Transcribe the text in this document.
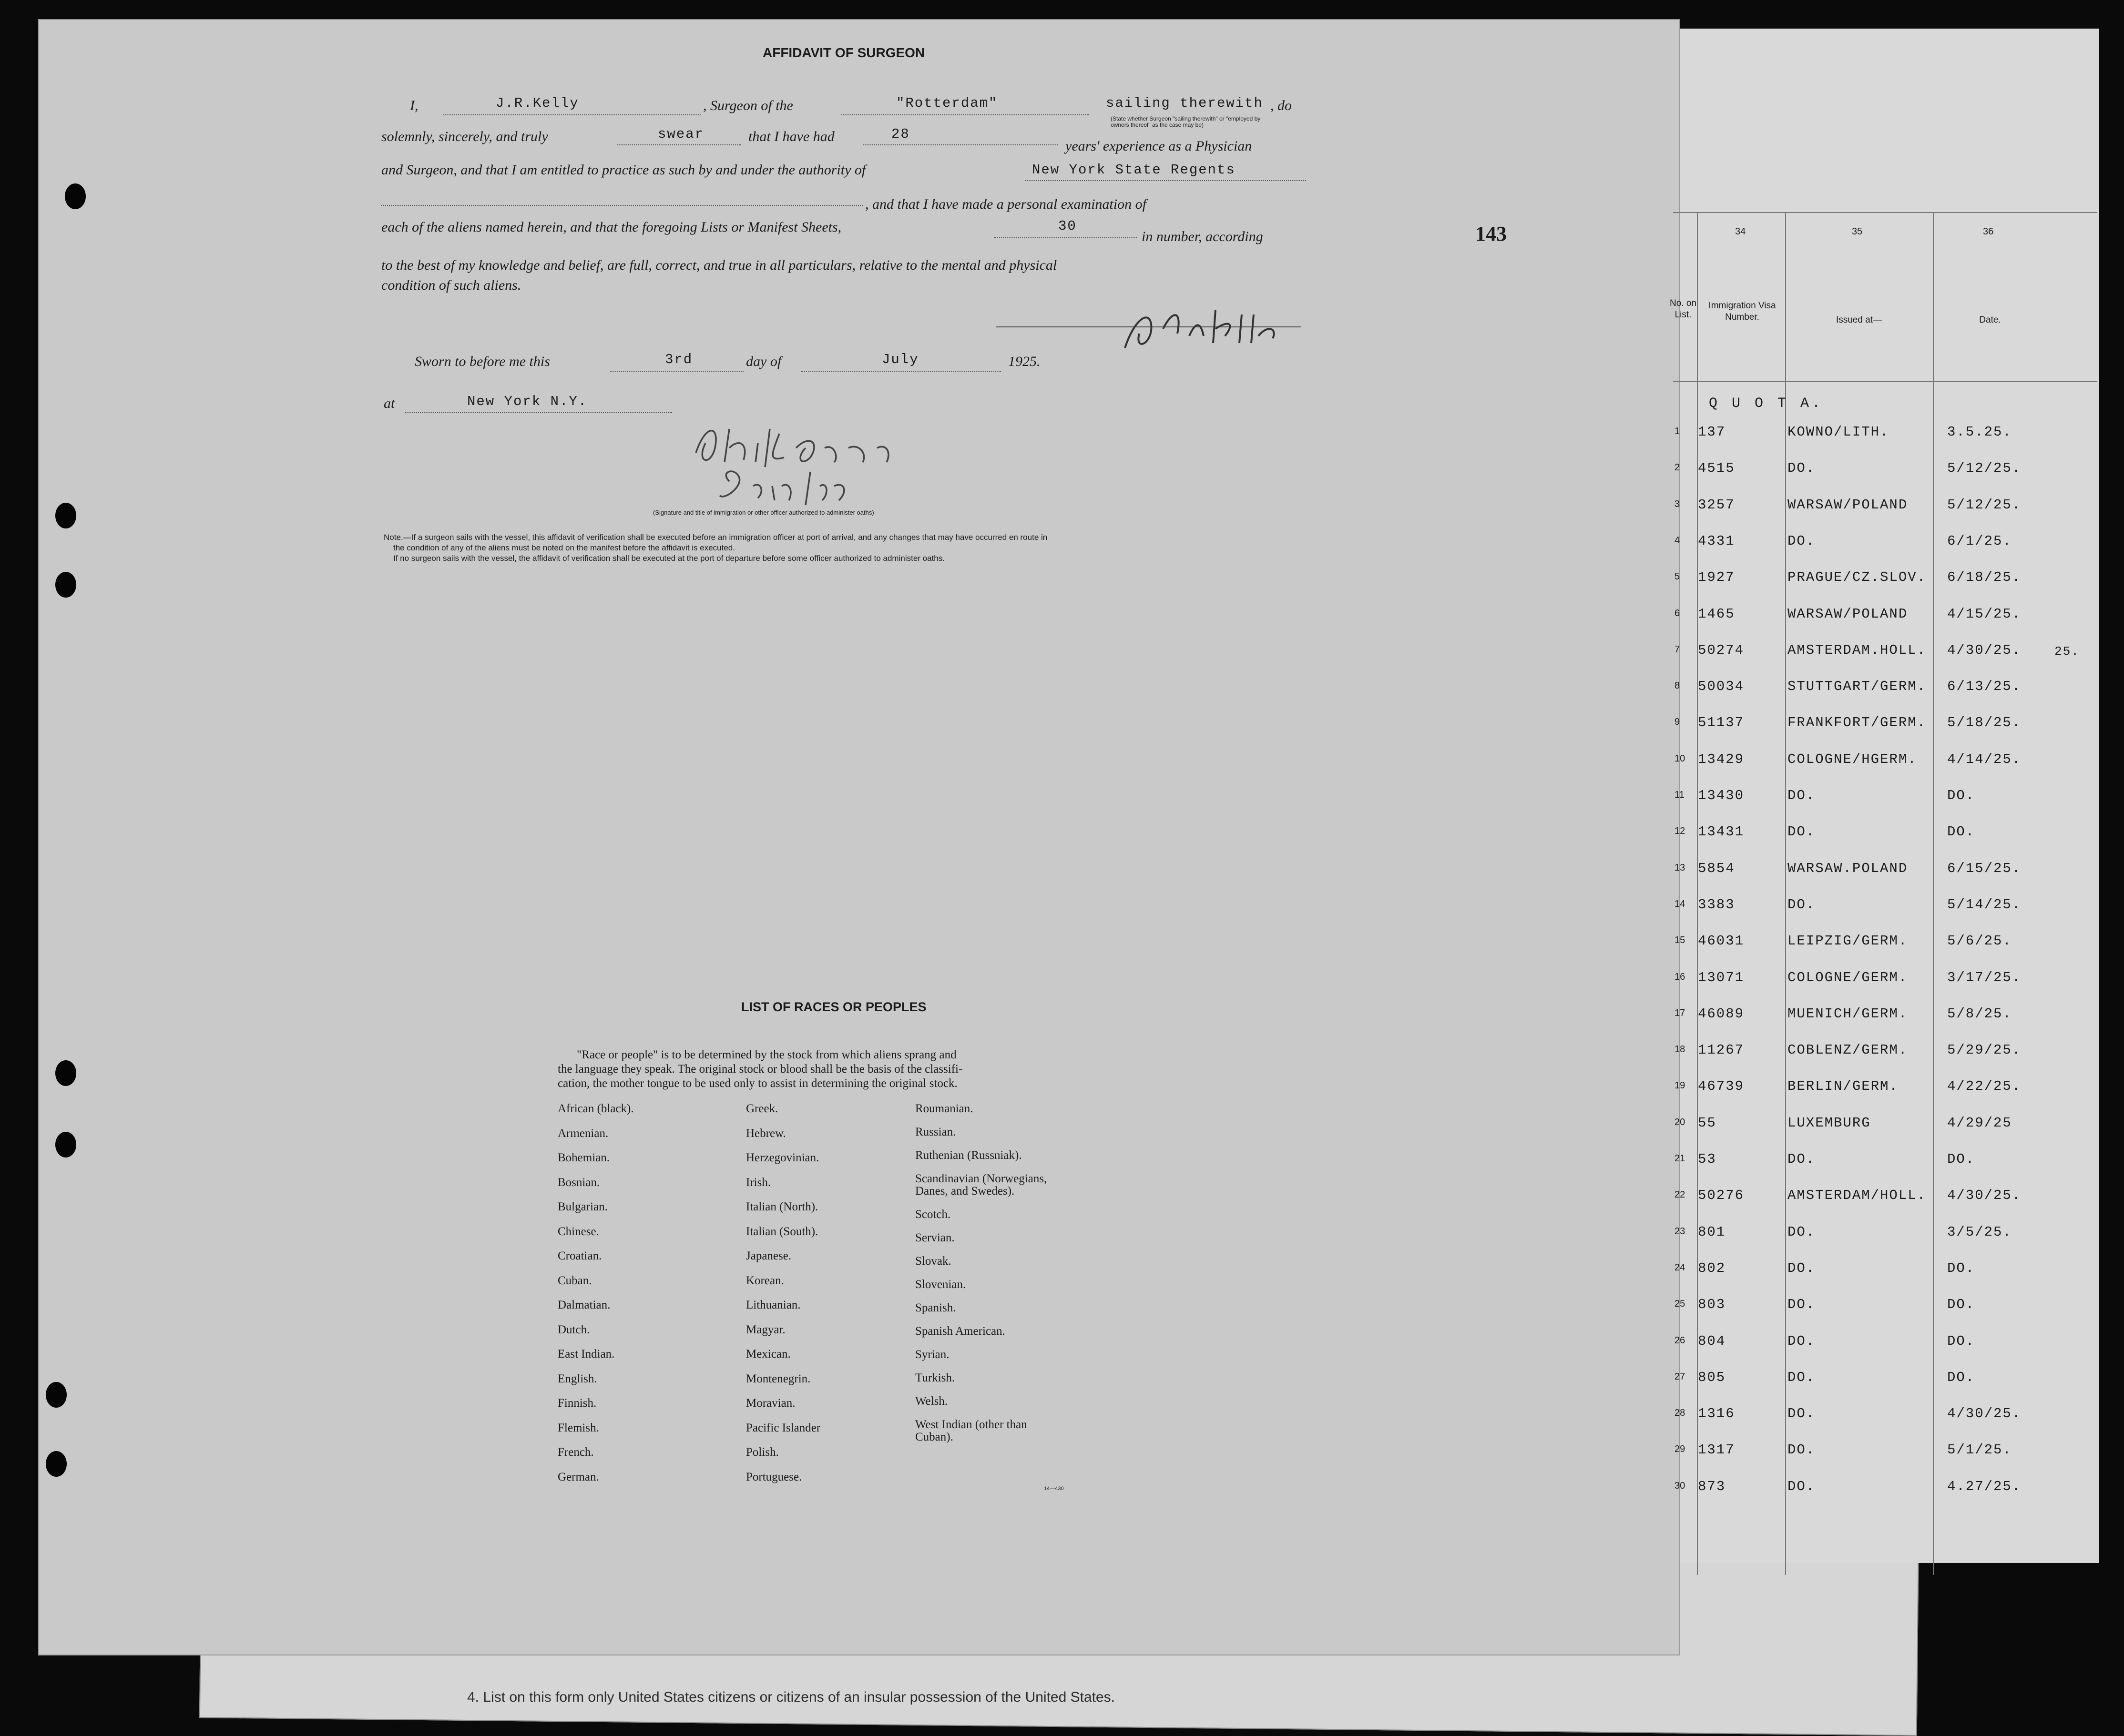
AFFIDAVIT OF SURGEON
I,	J.R.Kelly	, Surgeon of the	"Rotterdam"	sailing therewith , do
(State whether Surgeon "sailing therewith" or "employed by owners thereof" as the case may be)
solemnly, sincerely, and truly	swear	that I have had	28
years' experience as a Physician
and Surgeon, and that I am entitled to practice as such by and under the authority of	New York State Regents
, and that I have made a personal examination of
each of the aliens named herein, and that the foregoing Lists or Manifest Sheets,	30
in number, according
to the best of my knowledge and belief, are full, correct, and true in all particulars, relative to the mental and physical
condition of such aliens.
Sworn to before me this	3rd	day of	July	1925.
at	New York N.Y.
(Signature and title of immigration or other officer authorized to administer oaths)
Note.—If a surgeon sails with the vessel, this affidavit of verification shall be executed before an immigration officer at port of arrival, and any changes that may have occurred en route in
the condition of any of the aliens must be noted on the manifest before the affidavit is executed.
If no surgeon sails with the vessel, the affidavit of verification shall be executed at the port of departure before some officer authorized to administer oaths.
143
LIST OF RACES OR PEOPLES
"Race or people" is to be determined by the stock from which aliens sprang and
the language they speak. The original stock or blood shall be the basis of the classifi-
cation, the mother tongue to be used only to assist in determining the original stock.
African (black).
Armenian.
Bohemian.
Bosnian.
Bulgarian.
Chinese.
Croatian.
Cuban.
Dalmatian.
Dutch.
East Indian.
English.
Finnish.
Flemish.
French.
German.
Greek.
Hebrew.
Herzegovinian.
Irish.
Italian (North).
Italian (South).
Japanese.
Korean.
Lithuanian.
Magyar.
Mexican.
Montenegrin.
Moravian.
Pacific Islander
Polish.
Portuguese.
Roumanian.
Russian.
Ruthenian (Russniak).
Scandinavian (Norwegians,
Danes, and Swedes).
Scotch.
Servian.
Slovak.
Slovenian.
Spanish.
Spanish American.
Syrian.
Turkish.
Welsh.
West Indian (other than
Cuban).
14—430
34	35	36
No. on List.
Immigration Visa Number.	Issued at—	Date.
Q U O T A.
1 137	KOWNO/LITH.	3.5.25.
2 4515	DO.	5/12/25.
3 3257	WARSAW/POLAND	5/12/25.
4 4331	DO.	6/1/25.
5 1927	PRAGUE/CZ.SLOV. 6/18/25.
6 1465	WARSAW/POLAND	4/15/25.
7 50274	AMSTERDAM.HOLL. 4/30/25.
8 50034	STUTTGART/GERM. 6/13/25.
9 51137	FRANKFORT/GERM. 5/18/25.
10 13429	COLOGNE/HGERM. 4/14/25.
11 13430	DO.	DO.
12 13431	DO.	DO.
13 5854	WARSAW.POLAND	6/15/25.
14 3383	DO.	5/14/25.
15 46031	LEIPZIG/GERM.	5/6/25.
16 13071	COLOGNE/GERM.	3/17/25.
17 46089	MUENICH/GERM.	5/8/25.
18 11267	COBLENZ/GERM.	5/29/25.
19 46739	BERLIN/GERM.	4/22/25.
20 55	LUXEMBURG	4/29/25
21 53	DO.	DO.
22 50276	AMSTERDAM/HOLL. 4/30/25.
23 801	DO.	3/5/25.
24 802	DO.	DO.
25 803	DO.	DO.
26 804	DO.	DO.
27 805	DO.	DO.
28 1316	DO.	4/30/25.
29 1317	DO.	5/1/25.
30 873	DO.	4.27/25.
25.
4. List on this form only United States citizens or citizens of an insular possession of the United States.
